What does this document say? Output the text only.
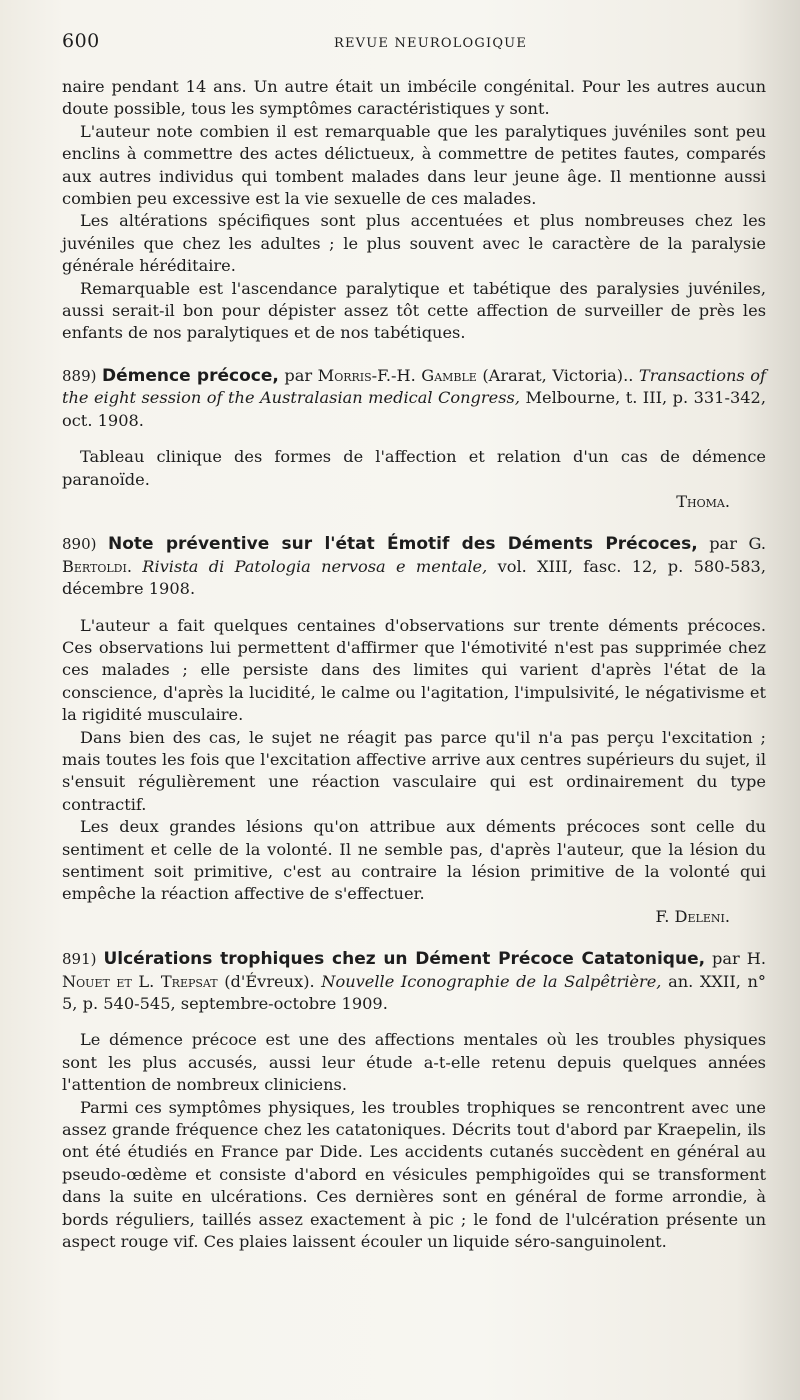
600	REVUE NEUROLOGIQUE

naire pendant 14 ans. Un autre était un imbécile congénital. Pour les autres aucun doute possible, tous les symptômes caractéristiques y sont.

L'auteur note combien il est remarquable que les paralytiques juvéniles sont peu enclins à commettre des actes délictueux, à commettre de petites fautes, comparés aux autres individus qui tombent malades dans leur jeune âge. Il mentionne aussi combien peu excessive est la vie sexuelle de ces malades.

Les altérations spécifiques sont plus accentuées et plus nombreuses chez les juvéniles que chez les adultes ; le plus souvent avec le caractère de la paralysie générale héréditaire.

Remarquable est l'ascendance paralytique et tabétique des paralysies juvéniles, aussi serait-il bon pour dépister assez tôt cette affection de surveiller de près les enfants de nos paralytiques et de nos tabétiques.

889) Démence précoce, par Morris-F.-H. Gamble (Ararat, Victoria).. Transactions of the eight session of the Australasian medical Congress, Melbourne, t. III, p. 331-342, oct. 1908.

Tableau clinique des formes de l'affection et relation d'un cas de démence paranoïde.

Thoma.

890) Note préventive sur l'état Émotif des Déments Précoces, par G. Bertoldi. Rivista di Patologia nervosa e mentale, vol. XIII, fasc. 12, p. 580-583, décembre 1908.

L'auteur a fait quelques centaines d'observations sur trente déments précoces. Ces observations lui permettent d'affirmer que l'émotivité n'est pas supprimée chez ces malades ; elle persiste dans des limites qui varient d'après l'état de la conscience, d'après la lucidité, le calme ou l'agitation, l'impulsivité, le négativisme et la rigidité musculaire.

Dans bien des cas, le sujet ne réagit pas parce qu'il n'a pas perçu l'excitation ; mais toutes les fois que l'excitation affective arrive aux centres supérieurs du sujet, il s'ensuit régulièrement une réaction vasculaire qui est ordinairement du type contractif.

Les deux grandes lésions qu'on attribue aux déments précoces sont celle du sentiment et celle de la volonté. Il ne semble pas, d'après l'auteur, que la lésion du sentiment soit primitive, c'est au contraire la lésion primitive de la volonté qui empêche la réaction affective de s'effectuer.

F. Deleni.

891) Ulcérations trophiques chez un Dément Précoce Catatonique, par H. Nouet et L. Trepsat (d'Évreux). Nouvelle Iconographie de la Salpêtrière, an. XXII, n° 5, p. 540-545, septembre-octobre 1909.

Le démence précoce est une des affections mentales où les troubles physiques sont les plus accusés, aussi leur étude a-t-elle retenu depuis quelques années l'attention de nombreux cliniciens.

Parmi ces symptômes physiques, les troubles trophiques se rencontrent avec une assez grande fréquence chez les catatoniques. Décrits tout d'abord par Kraepelin, ils ont été étudiés en France par Dide. Les accidents cutanés succèdent en général au pseudo-œdème et consiste d'abord en vésicules pemphigoïdes qui se transforment dans la suite en ulcérations. Ces dernières sont en général de forme arrondie, à bords réguliers, taillés assez exactement à pic ; le fond de l'ulcération présente un aspect rouge vif. Ces plaies laissent écouler un liquide séro-sanguinolent.
